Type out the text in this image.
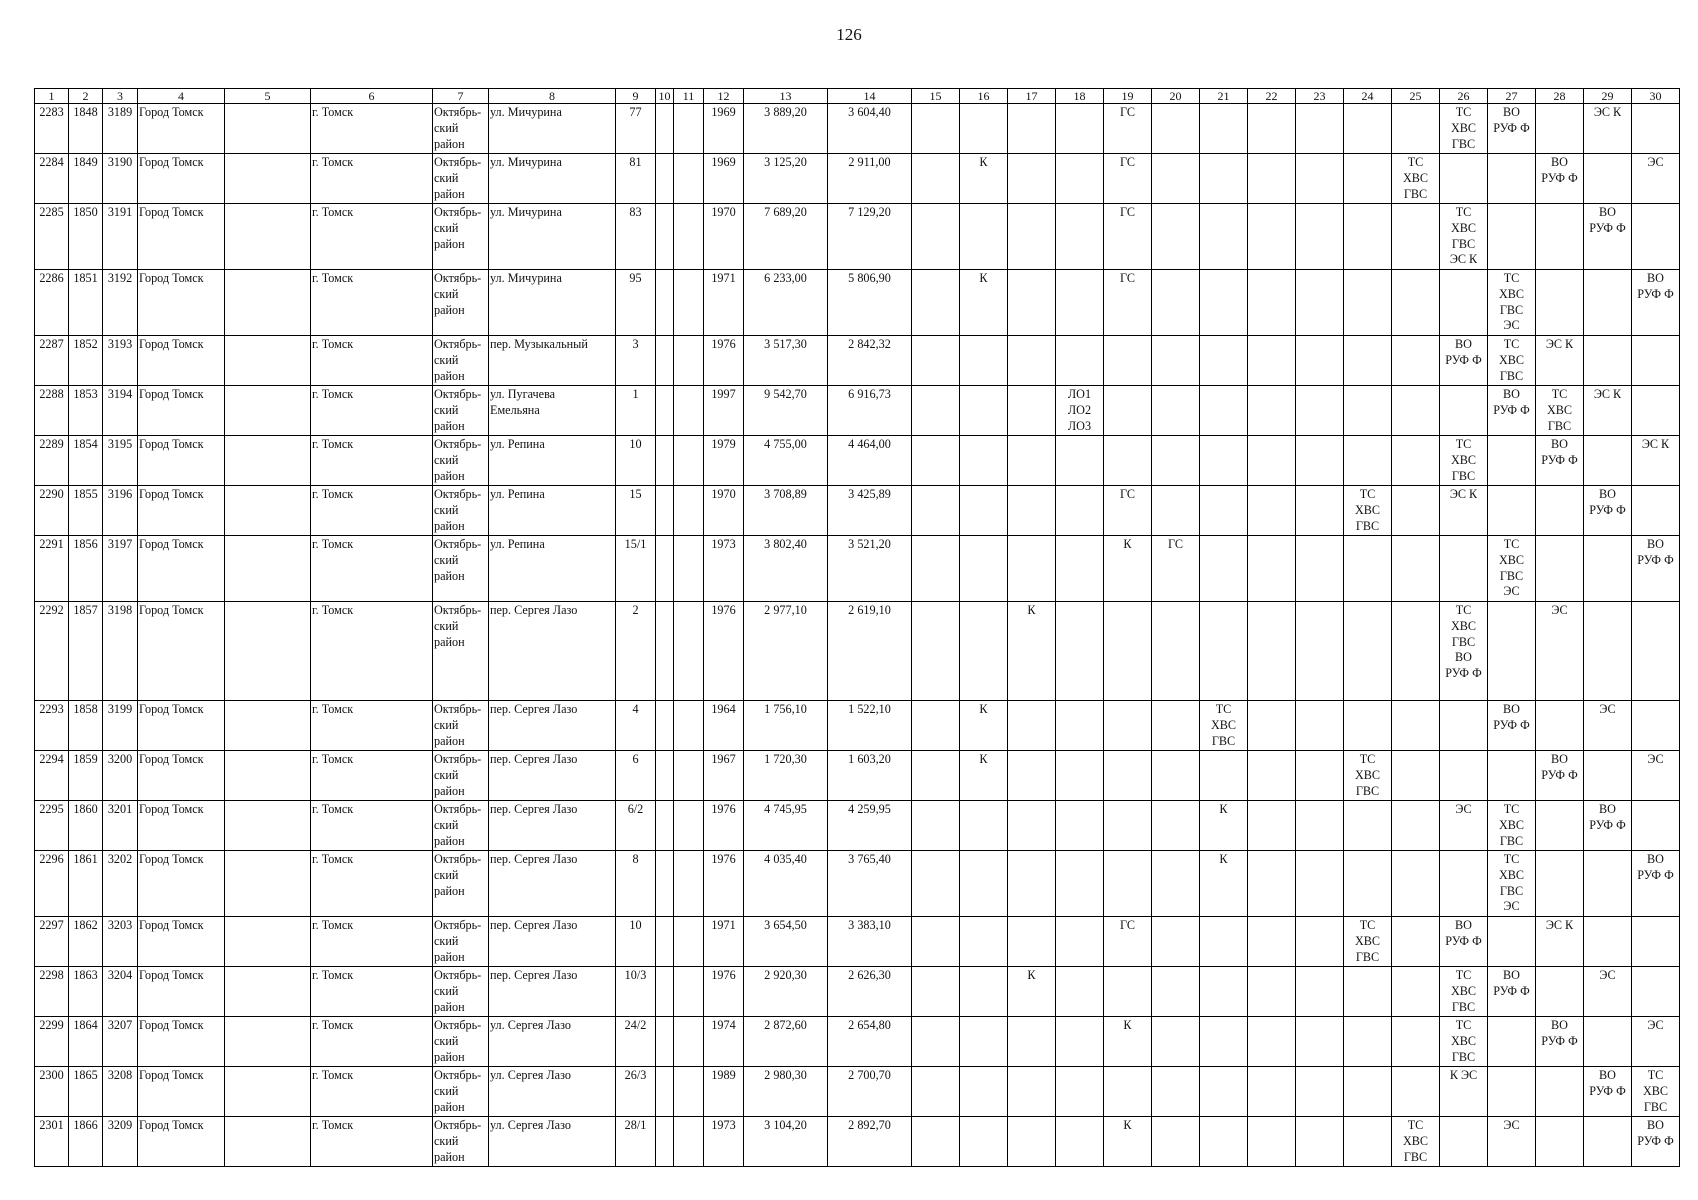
126
1	2	3	4	5	6	7	8	9	10	11	12	13	14	15	16	17	18	19	20	21	22	23	24	25	26	27	28	29	30
2283	1848	3189	Город Томск		г. Томск	Октябрь-
ский
район	ул. Мичурина	77			1969	3 889,20	3 604,40					ГС							ТС
ХВС
ГВС	ВО
РУФ Ф		ЭС К	
2284	1849	3190	Город Томск		г. Томск	Октябрь-
ский
район	ул. Мичурина	81			1969	3 125,20	2 911,00		К			ГС						ТС
ХВС
ГВС			ВО
РУФ Ф		ЭС
2285	1850	3191	Город Томск		г. Томск	Октябрь-
ский
район	ул. Мичурина	83			1970	7 689,20	7 129,20					ГС							ТС
ХВС
ГВС
ЭС К			ВО
РУФ Ф	
2286	1851	3192	Город Томск		г. Томск	Октябрь-
ский
район	ул. Мичурина	95			1971	6 233,00	5 806,90		К			ГС								ТС
ХВС
ГВС
ЭС			ВО
РУФ Ф
2287	1852	3193	Город Томск		г. Томск	Октябрь-
ский
район	пер. Музыкальный	3			1976	3 517,30	2 842,32												ВО
РУФ Ф	ТС
ХВС
ГВС	ЭС К		
2288	1853	3194	Город Томск		г. Томск	Октябрь-
ский
район	ул. Пугачева
Емельяна	1			1997	9 542,70	6 916,73				ЛО1
ЛО2
ЛО3									ВО
РУФ Ф	ТС
ХВС
ГВС	ЭС К	
2289	1854	3195	Город Томск		г. Томск	Октябрь-
ский
район	ул. Репина	10			1979	4 755,00	4 464,00												ТС
ХВС
ГВС		ВО
РУФ Ф		ЭС К
2290	1855	3196	Город Томск		г. Томск	Октябрь-
ский
район	ул. Репина	15			1970	3 708,89	3 425,89					ГС					ТС
ХВС
ГВС		ЭС К			ВО
РУФ Ф	
2291	1856	3197	Город Томск		г. Томск	Октябрь-
ский
район	ул. Репина	15/1			1973	3 802,40	3 521,20					К	ГС							ТС
ХВС
ГВС
ЭС			ВО
РУФ Ф
2292	1857	3198	Город Томск		г. Томск	Октябрь-
ский
район	пер. Сергея Лазо	2			1976	2 977,10	2 619,10			К									ТС
ХВС
ГВС
ВО
РУФ Ф		ЭС		
2293	1858	3199	Город Томск		г. Томск	Октябрь-
ский
район	пер. Сергея Лазо	4			1964	1 756,10	1 522,10		К					ТС
ХВС
ГВС						ВО
РУФ Ф		ЭС	
2294	1859	3200	Город Томск		г. Томск	Октябрь-
ский
район	пер. Сергея Лазо	6			1967	1 720,30	1 603,20		К								ТС
ХВС
ГВС				ВО
РУФ Ф		ЭС
2295	1860	3201	Город Томск		г. Томск	Октябрь-
ский
район	пер. Сергея Лазо	6/2			1976	4 745,95	4 259,95							К					ЭС	ТС
ХВС
ГВС		ВО
РУФ Ф	
2296	1861	3202	Город Томск		г. Томск	Октябрь-
ский
район	пер. Сергея Лазо	8			1976	4 035,40	3 765,40							К						ТС
ХВС
ГВС
ЭС			ВО
РУФ Ф
2297	1862	3203	Город Томск		г. Томск	Октябрь-
ский
район	пер. Сергея Лазо	10			1971	3 654,50	3 383,10					ГС					ТС
ХВС
ГВС		ВО
РУФ Ф		ЭС К		
2298	1863	3204	Город Томск		г. Томск	Октябрь-
ский
район	пер. Сергея Лазо	10/3			1976	2 920,30	2 626,30			К									ТС
ХВС
ГВС	ВО
РУФ Ф		ЭС	
2299	1864	3207	Город Томск		г. Томск	Октябрь-
ский
район	ул. Сергея Лазо	24/2			1974	2 872,60	2 654,80					К							ТС
ХВС
ГВС		ВО
РУФ Ф		ЭС
2300	1865	3208	Город Томск		г. Томск	Октябрь-
ский
район	ул. Сергея Лазо	26/3			1989	2 980,30	2 700,70												К ЭС			ВО
РУФ Ф	ТС
ХВС
ГВС
2301	1866	3209	Город Томск		г. Томск	Октябрь-
ский
район	ул. Сергея Лазо	28/1			1973	3 104,20	2 892,70					К						ТС
ХВС
ГВС		ЭС			ВО
РУФ Ф
